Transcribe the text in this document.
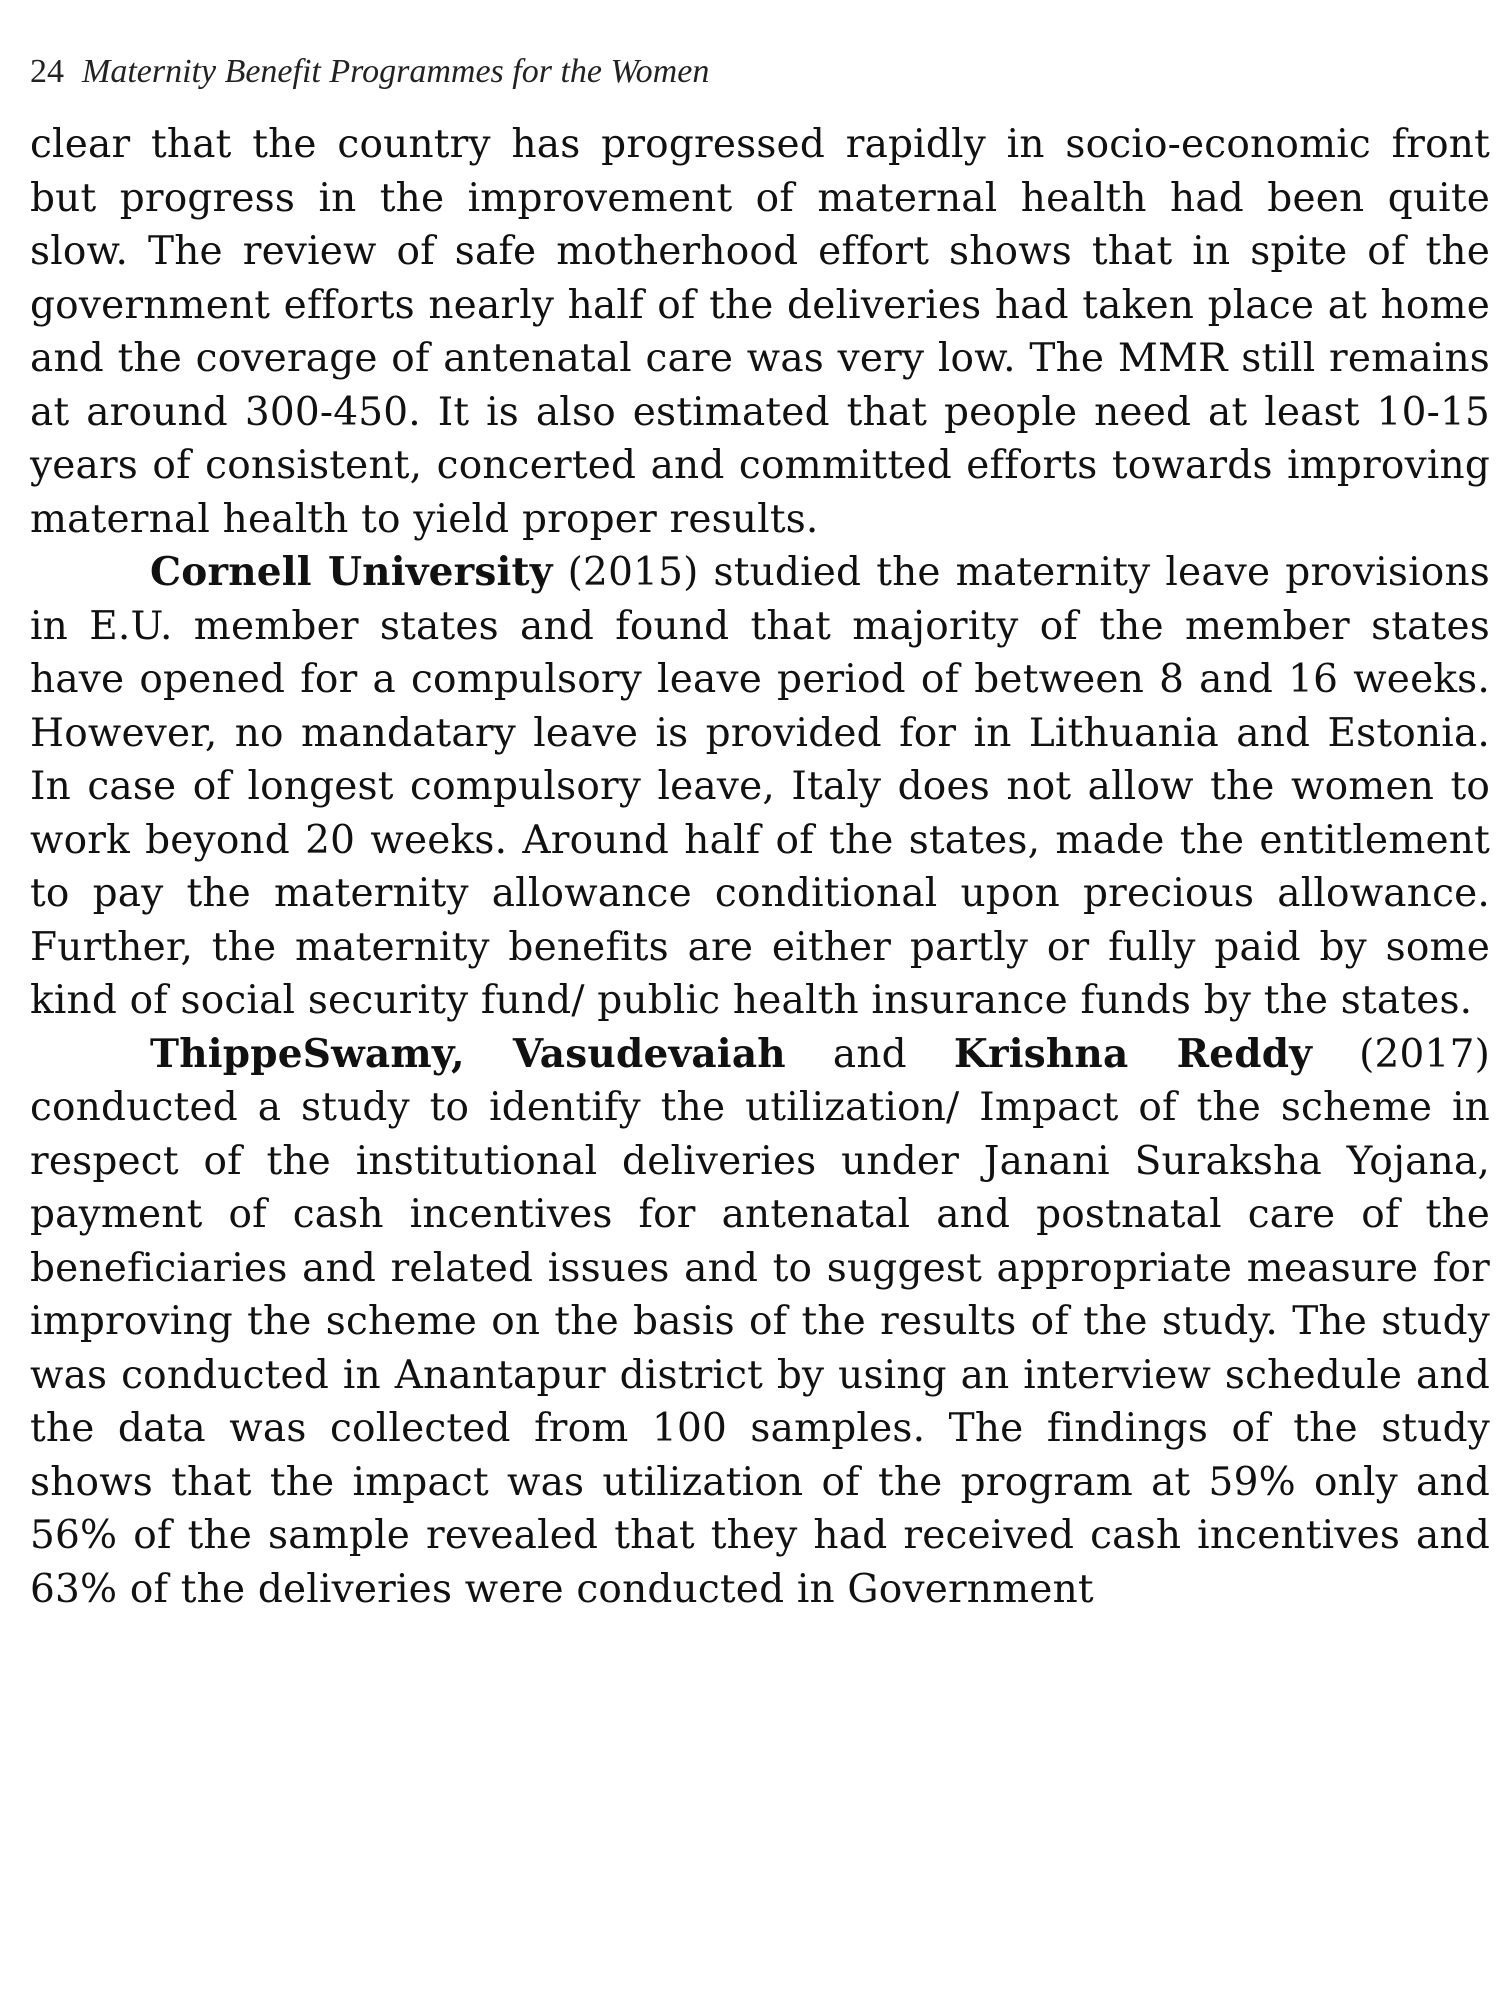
24 Maternity Benefit Programmes for the Women

clear that the country has progressed rapidly in socio-economic front but progress in the improvement of maternal health had been quite slow. The review of safe motherhood effort shows that in spite of the government efforts nearly half of the deliveries had taken place at home and the coverage of antenatal care was very low. The MMR still remains at around 300-450. It is also estimated that people need at least 10-15 years of consistent, concerted and committed efforts towards improving maternal health to yield proper results.

Cornell University (2015) studied the maternity leave provisions in E.U. member states and found that majority of the member states have opened for a compulsory leave period of between 8 and 16 weeks. However, no mandatary leave is provided for in Lithuania and Estonia. In case of longest compulsory leave, Italy does not allow the women to work beyond 20 weeks. Around half of the states, made the entitlement to pay the maternity allowance conditional upon precious allowance. Further, the maternity benefits are either partly or fully paid by some kind of social security fund/ public health insurance funds by the states.

ThippeSwamy, Vasudevaiah and Krishna Reddy (2017) conducted a study to identify the utilization/ Impact of the scheme in respect of the institutional deliveries under Janani Suraksha Yojana, payment of cash incentives for antenatal and postnatal care of the beneficiaries and related issues and to suggest appropriate measure for improving the scheme on the basis of the results of the study. The study was conducted in Anantapur district by using an interview schedule and the data was collected from 100 samples. The findings of the study shows that the impact was utilization of the program at 59% only and 56% of the sample revealed that they had received cash incentives and 63% of the deliveries were conducted in Government
